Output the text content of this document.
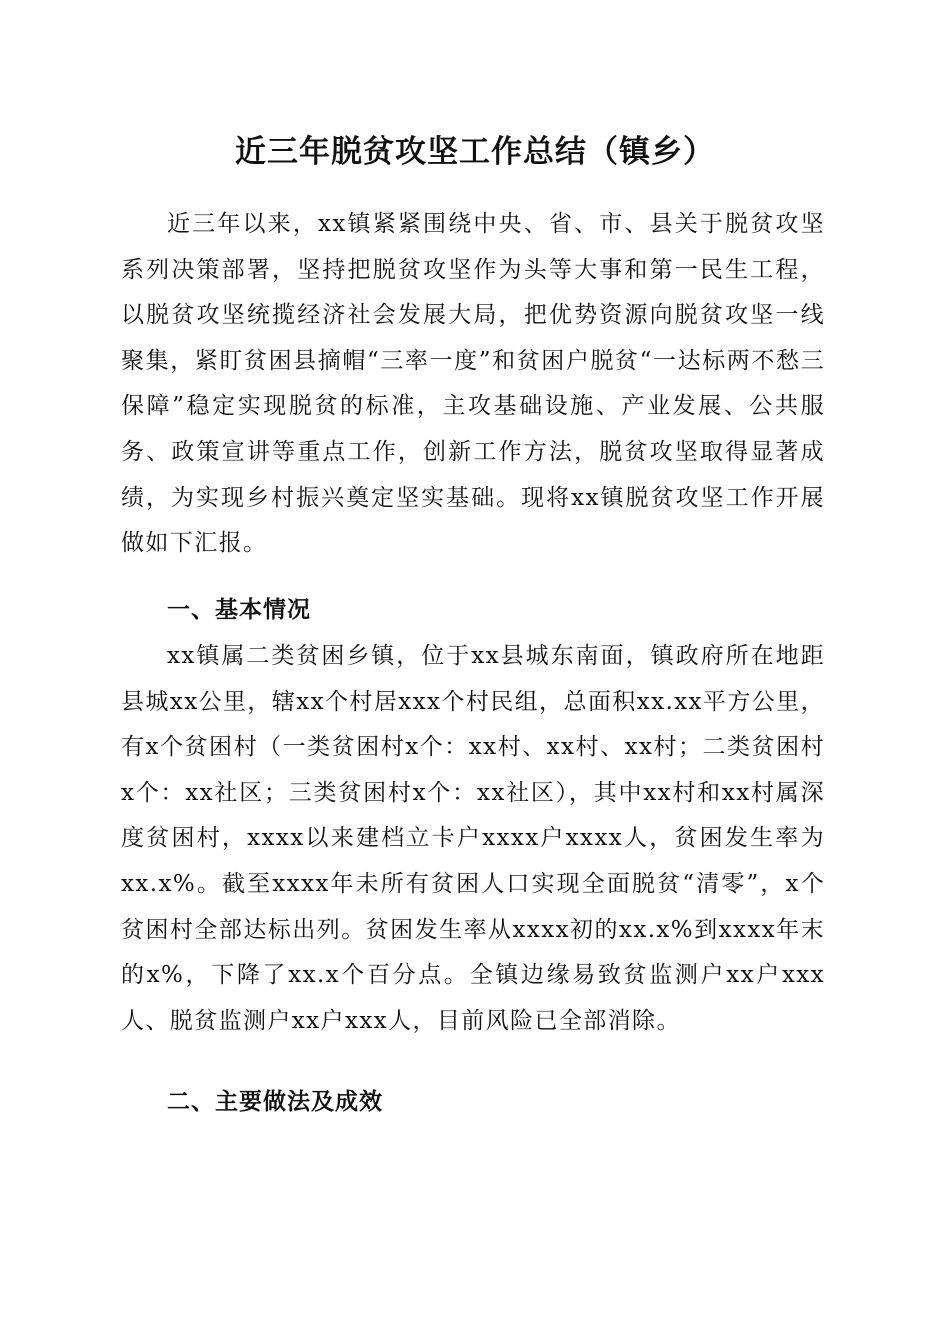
近三年脱贫攻坚工作总结（镇乡）

近三年以来，xx镇紧紧围绕中央、省、市、县关于脱贫攻坚系列决策部署，坚持把脱贫攻坚作为头等大事和第一民生工程，以脱贫攻坚统揽经济社会发展大局，把优势资源向脱贫攻坚一线聚集，紧盯贫困县摘帽“三率一度”和贫困户脱贫“一达标两不愁三保障”稳定实现脱贫的标准，主攻基础设施、产业发展、公共服务、政策宣讲等重点工作，创新工作方法，脱贫攻坚取得显著成绩，为实现乡村振兴奠定坚实基础。现将xx镇脱贫攻坚工作开展做如下汇报。

一、基本情况

xx镇属二类贫困乡镇，位于xx县城东南面，镇政府所在地距县城xx公里，辖xx个村居xxx个村民组，总面积xx.xx平方公里，有x个贫困村（一类贫困村x个：xx村、xx村、xx村；二类贫困村x个：xx社区；三类贫困村x个：xx社区），其中xx村和xx村属深度贫困村，xxxx以来建档立卡户xxxx户xxxx人，贫困发生率为xx.x%。截至xxxx年未所有贫困人口实现全面脱贫“清零”，x个贫困村全部达标出列。贫困发生率从xxxx初的xx.x%到xxxx年末的x%，下降了xx.x个百分点。全镇边缘易致贫监测户xx户xxx人、脱贫监测户xx户xxx人，目前风险已全部消除。

二、主要做法及成效
